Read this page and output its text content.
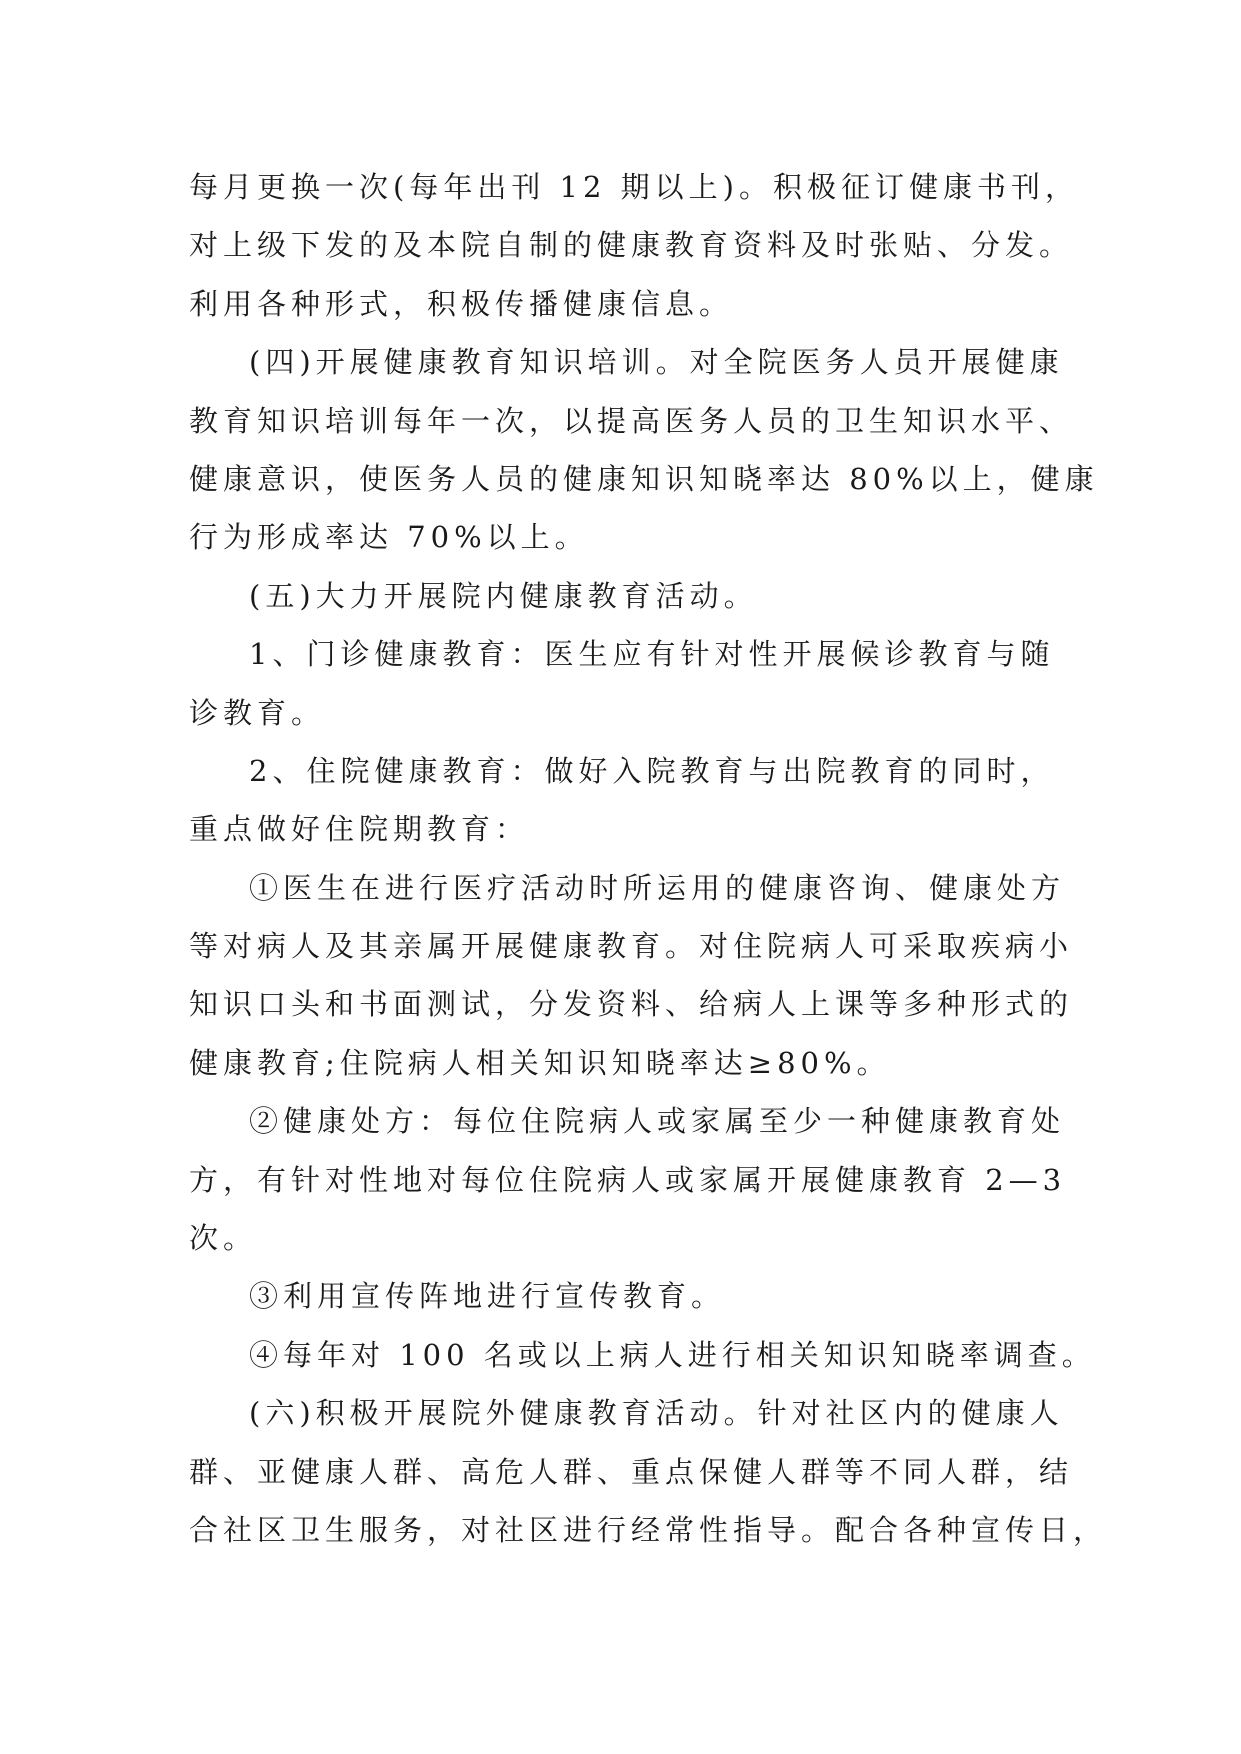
每月更换一次(每年出刊 12 期以上)。积极征订健康书刊，
对上级下发的及本院自制的健康教育资料及时张贴、分发。
利用各种形式，积极传播健康信息。
(四)开展健康教育知识培训。对全院医务人员开展健康
教育知识培训每年一次，以提高医务人员的卫生知识水平、
健康意识，使医务人员的健康知识知晓率达 80%以上，健康
行为形成率达 70%以上。
(五)大力开展院内健康教育活动。
1、门诊健康教育：医生应有针对性开展候诊教育与随
诊教育。
2、住院健康教育：做好入院教育与出院教育的同时，
重点做好住院期教育：
①医生在进行医疗活动时所运用的健康咨询、健康处方
等对病人及其亲属开展健康教育。对住院病人可采取疾病小
知识口头和书面测试，分发资料、给病人上课等多种形式的
健康教育;住院病人相关知识知晓率达≥80%。
②健康处方：每位住院病人或家属至少一种健康教育处
方，有针对性地对每位住院病人或家属开展健康教育 2—3
次。
③利用宣传阵地进行宣传教育。
④每年对 100 名或以上病人进行相关知识知晓率调查。
(六)积极开展院外健康教育活动。针对社区内的健康人
群、亚健康人群、高危人群、重点保健人群等不同人群，结
合社区卫生服务，对社区进行经常性指导。配合各种宣传日，
